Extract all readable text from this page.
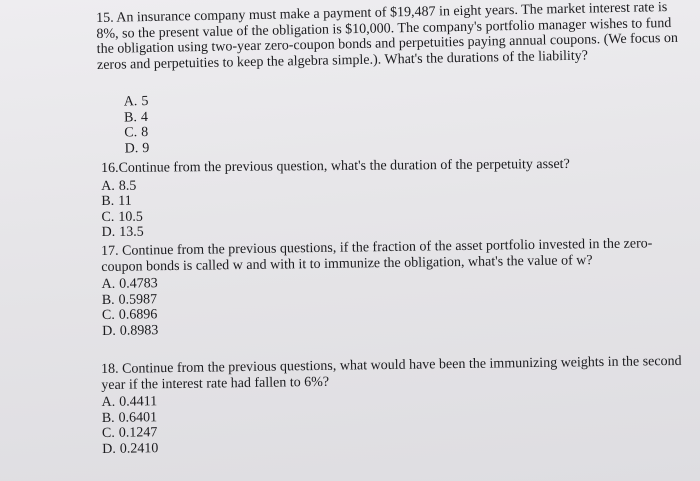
15. An insurance company must make a payment of $19,487 in eight years. The market interest rate is 8%, so the present value of the obligation is $10,000. The company's portfolio manager wishes to fund the obligation using two-year zero-coupon bonds and perpetuities paying annual coupons. (We focus on zeros and perpetuities to keep the algebra simple.). What's the durations of the liability?

A. 5
B. 4
C. 8
D. 9

16.Continue from the previous question, what's the duration of the perpetuity asset?

A. 8.5
B. 11
C. 10.5
D. 13.5

17. Continue from the previous questions, if the fraction of the asset portfolio invested in the zero-coupon bonds is called w and with it to immunize the obligation, what's the value of w?

A. 0.4783
B. 0.5987
C. 0.6896
D. 0.8983

18. Continue from the previous questions, what would have been the immunizing weights in the second year if the interest rate had fallen to 6%?

A. 0.4411
B. 0.6401
C. 0.1247
D. 0.2410
